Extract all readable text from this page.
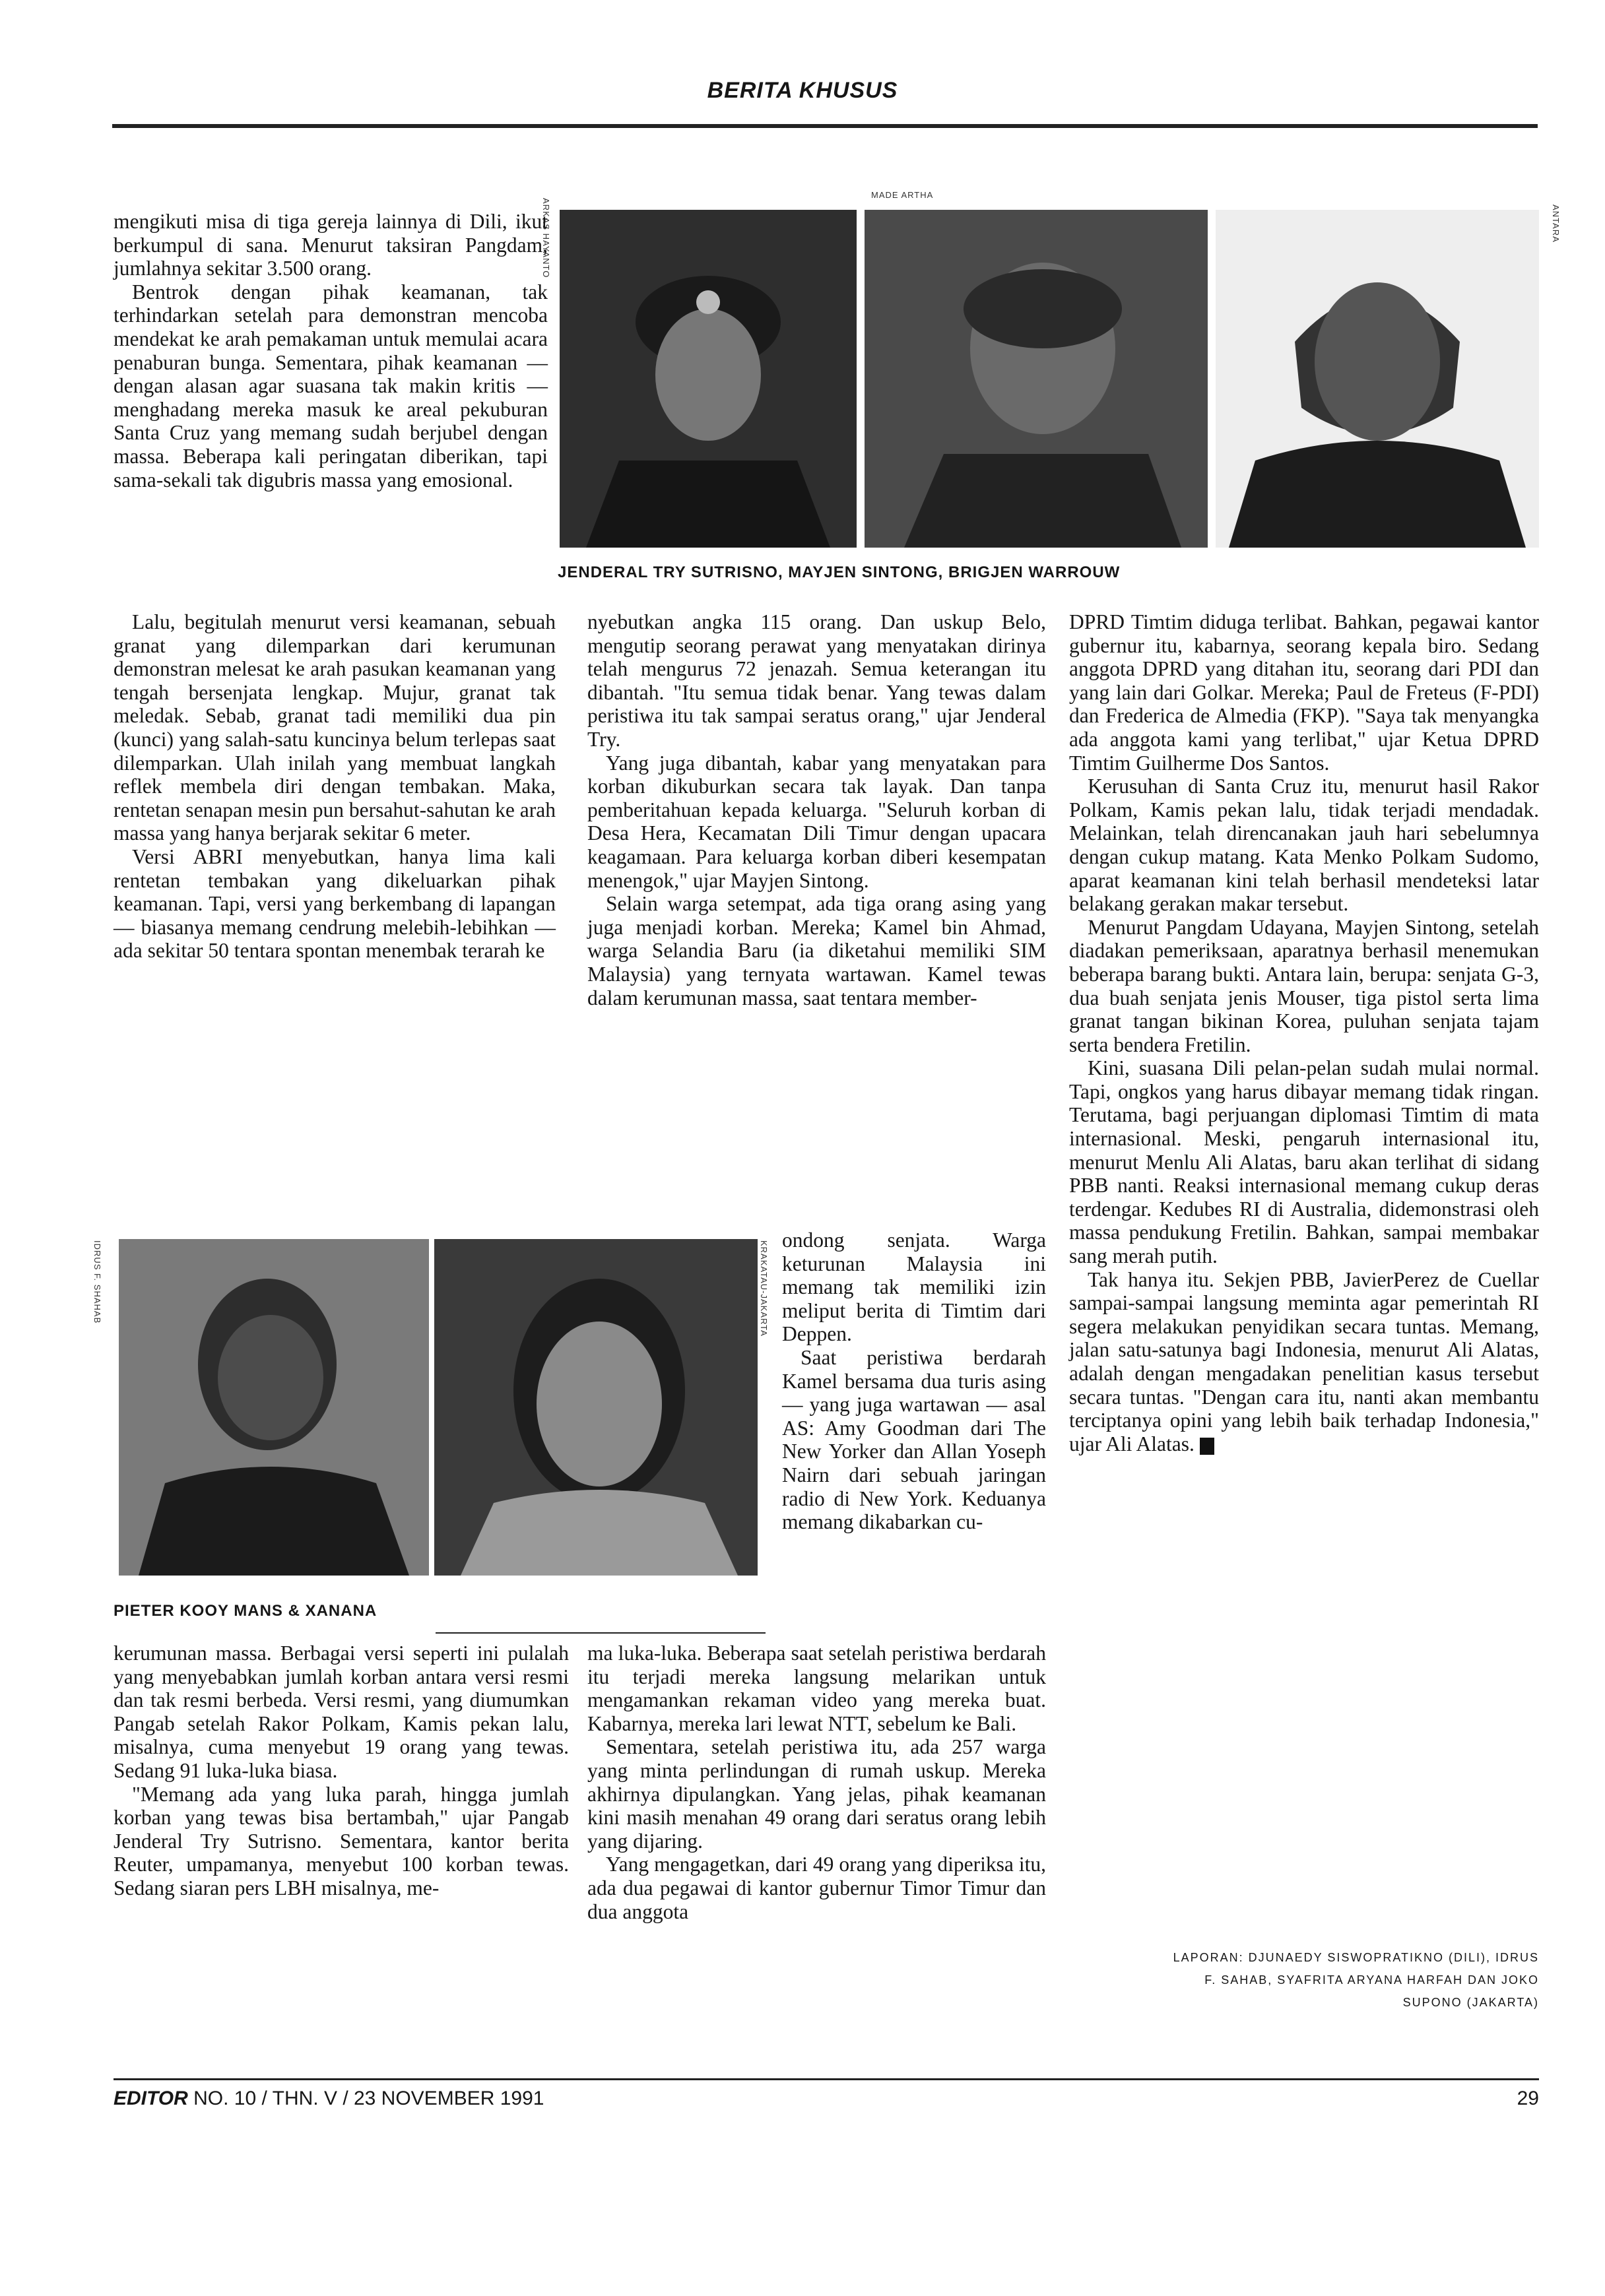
BERITA KHUSUS
MADE ARTHA
ARKAS HAYANTO	ANTARA
JENDERAL TRY SUTRISNO, MAYJEN SINTONG, BRIGJEN WARROUW

mengikuti misa di tiga gereja lainnya di Dili, ikut berkumpul di sana. Menurut taksiran Pangdam, jumlahnya sekitar 3.500 orang.

Bentrok dengan pihak keamanan, tak terhindarkan setelah para demonstran mencoba mendekat ke arah pemakaman untuk memulai acara penaburan bunga. Sementara, pihak keamanan — dengan alasan agar suasana tak makin kritis — menghadang mereka masuk ke areal pekuburan Santa Cruz yang memang sudah berjubel dengan massa. Beberapa kali peringatan diberikan, tapi sama-sekali tak digubris massa yang emosional.

Lalu, begitulah menurut versi keamanan, sebuah granat yang dilemparkan dari kerumunan demonstran melesat ke arah pasukan keamanan yang tengah bersenjata lengkap. Mujur, granat tak meledak. Sebab, granat tadi memiliki dua pin (kunci) yang salah-satu kuncinya belum terlepas saat dilemparkan. Ulah inilah yang membuat langkah reflek membela diri dengan tembakan. Maka, rentetan senapan mesin pun bersahut-sahutan ke arah massa yang hanya berjarak sekitar 6 meter.

Versi ABRI menyebutkan, hanya lima kali rentetan tembakan yang dikeluarkan pihak keamanan. Tapi, versi yang berkembang di lapangan — biasanya memang cendrung melebih-lebihkan — ada sekitar 50 tentara spontan menembak terarah ke

IDRUS F. SHAHAB	KRAKATAU-JAKARTA
PIETER KOOY MANS & XANANA

kerumunan massa. Berbagai versi seperti ini pulalah yang menyebabkan jumlah korban antara versi resmi dan tak resmi berbeda. Versi resmi, yang diumumkan Pangab setelah Rakor Polkam, Kamis pekan lalu, misalnya, cuma menyebut 19 orang yang tewas. Sedang 91 luka-luka biasa.

"Memang ada yang luka parah, hingga jumlah korban yang tewas bisa bertambah," ujar Pangab Jenderal Try Sutrisno. Sementara, kantor berita Reuter, umpamanya, menyebut 100 korban tewas. Sedang siaran pers LBH misalnya, me-

nyebutkan angka 115 orang. Dan uskup Belo, mengutip seorang perawat yang menyatakan dirinya telah mengurus 72 jenazah. Semua keterangan itu dibantah. "Itu semua tidak benar. Yang tewas dalam peristiwa itu tak sampai seratus orang," ujar Jenderal Try.

Yang juga dibantah, kabar yang menyatakan para korban dikuburkan secara tak layak. Dan tanpa pemberitahuan kepada keluarga. "Seluruh korban di Desa Hera, Kecamatan Dili Timur dengan upacara keagamaan. Para keluarga korban diberi kesempatan menengok," ujar Mayjen Sintong.

Selain warga setempat, ada tiga orang asing yang juga menjadi korban. Mereka; Kamel bin Ahmad, warga Selandia Baru (ia diketahui memiliki SIM Malaysia) yang ternyata wartawan. Kamel tewas dalam kerumunan massa, saat tentara member-

ondong senjata. Warga keturunan Malaysia ini memang tak memiliki izin meliput berita di Timtim dari Deppen.

Saat peristiwa berdarah Kamel bersama dua turis asing — yang juga wartawan — asal AS: Amy Goodman dari The New Yorker dan Allan Yoseph Nairn dari sebuah jaringan radio di New York. Keduanya memang dikabarkan cu-

ma luka-luka. Beberapa saat setelah peristiwa berdarah itu terjadi mereka langsung melarikan untuk mengamankan rekaman video yang mereka buat. Kabarnya, mereka lari lewat NTT, sebelum ke Bali.

Sementara, setelah peristiwa itu, ada 257 warga yang minta perlindungan di rumah uskup. Mereka akhirnya dipulangkan. Yang jelas, pihak keamanan kini masih menahan 49 orang dari seratus orang lebih yang dijaring.

Yang mengagetkan, dari 49 orang yang diperiksa itu, ada dua pegawai di kantor gubernur Timor Timur dan dua anggota

DPRD Timtim diduga terlibat. Bahkan, pegawai kantor gubernur itu, kabarnya, seorang kepala biro. Sedang anggota DPRD yang ditahan itu, seorang dari PDI dan yang lain dari Golkar. Mereka; Paul de Freteus (F-PDI) dan Frederica de Almedia (FKP). "Saya tak menyangka ada anggota kami yang terlibat," ujar Ketua DPRD Timtim Guilherme Dos Santos.

Kerusuhan di Santa Cruz itu, menurut hasil Rakor Polkam, Kamis pekan lalu, tidak terjadi mendadak. Melainkan, telah direncanakan jauh hari sebelumnya dengan cukup matang. Kata Menko Polkam Sudomo, aparat keamanan kini telah berhasil mendeteksi latar belakang gerakan makar tersebut.

Menurut Pangdam Udayana, Mayjen Sintong, setelah diadakan pemeriksaan, aparatnya berhasil menemukan beberapa barang bukti. Antara lain, berupa: senjata G-3, dua buah senjata jenis Mouser, tiga pistol serta lima granat tangan bikinan Korea, puluhan senjata tajam serta bendera Fretilin.

Kini, suasana Dili pelan-pelan sudah mulai normal. Tapi, ongkos yang harus dibayar memang tidak ringan. Terutama, bagi perjuangan diplomasi Timtim di mata internasional. Meski, pengaruh internasional itu, menurut Menlu Ali Alatas, baru akan terlihat di sidang PBB nanti. Reaksi internasional memang cukup deras terdengar. Kedubes RI di Australia, didemonstrasi oleh massa pendukung Fretilin. Bahkan, sampai membakar sang merah putih.

Tak hanya itu. Sekjen PBB, JavierPerez de Cuellar sampai-sampai langsung meminta agar pemerintah RI segera melakukan penyidikan secara tuntas. Memang, jalan satu-satunya bagi Indonesia, menurut Ali Alatas, adalah dengan mengadakan penelitian kasus tersebut secara tuntas. "Dengan cara itu, nanti akan membantu terciptanya opini yang lebih baik terhadap Indonesia," ujar Ali Alatas.

LAPORAN: DJUNAEDY SISWOPRATIKNO (DILI), IDRUS
F. SAHAB, SYAFRITA ARYANA HARFAH DAN JOKO
SUPONO (JAKARTA)
EDITOR NO. 10 / THN. V / 23 NOVEMBER 1991	29
